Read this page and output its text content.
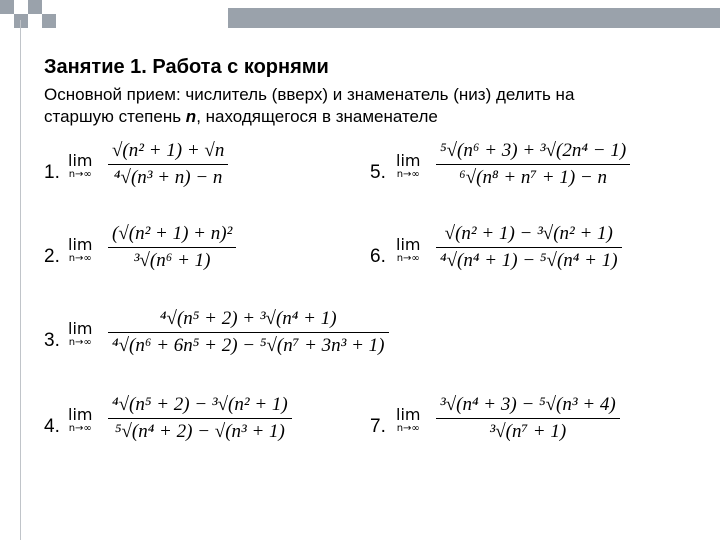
Занятие 1. Работа с корнями
Основной прием: числитель (вверх) и знаменатель (низ) делить на
старшую степень n, находящегося в знаменателе
1.
lim
n→∞
√(n² + 1) + √n
⁴√(n³ + n) − n	5.
lim
n→∞
⁵√(n⁶ + 3) + ³√(2n⁴ − 1)
⁶√(n⁸ + n⁷ + 1) − n
2.
lim
n→∞
(√(n² + 1) + n)²
³√(n⁶ + 1)	6.
lim
n→∞
√(n² + 1) − ³√(n² + 1)
⁴√(n⁴ + 1) − ⁵√(n⁴ + 1)
3.
lim
n→∞
⁴√(n⁵ + 2) + ³√(n⁴ + 1)
⁴√(n⁶ + 6n⁵ + 2) − ⁵√(n⁷ + 3n³ + 1)
4.
lim
n→∞
⁴√(n⁵ + 2) − ³√(n² + 1)
⁵√(n⁴ + 2) − √(n³ + 1)	7.
lim
n→∞
³√(n⁴ + 3) − ⁵√(n³ + 4)
³√(n⁷ + 1)
